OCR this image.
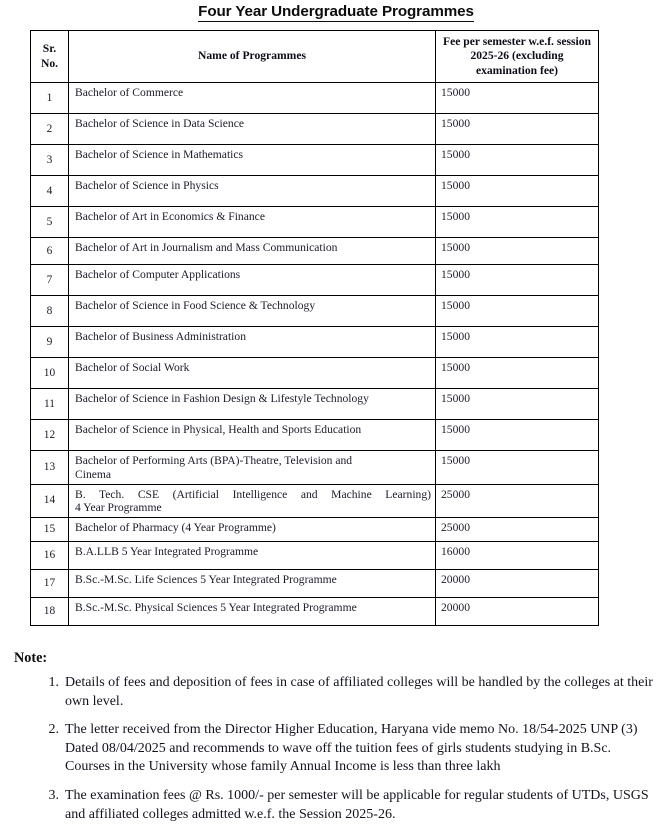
Four Year Undergraduate Programmes
Sr.
No.	Name of Programmes	Fee per semester w.e.f. session 2025-26 (excluding examination fee)
1	Bachelor of Commerce	15000
2	Bachelor of Science in Data Science	15000
3	Bachelor of Science in Mathematics	15000
4	Bachelor of Science in Physics	15000
5	Bachelor of Art in Economics & Finance	15000
6	Bachelor of Art in Journalism and Mass Communication	15000
7	Bachelor of Computer Applications	15000
8	Bachelor of Science in Food Science & Technology	15000
9	Bachelor of Business Administration	15000
10	Bachelor of Social Work	15000
11	Bachelor of Science in Fashion Design & Lifestyle Technology	15000
12	Bachelor of Science in Physical, Health and Sports Education	15000
13	Bachelor of Performing Arts (BPA)-Theatre, Television and
Cinema	15000
14	B. Tech. CSE (Artificial Intelligence and Machine Learning)
4 Year Programme	25000
15	Bachelor of Pharmacy (4 Year Programme)	25000
16	B.A.LLB 5 Year Integrated Programme	16000
17	B.Sc.-M.Sc. Life Sciences 5 Year Integrated Programme	20000
18	B.Sc.-M.Sc. Physical Sciences 5 Year Integrated Programme	20000
Note:
1. Details of fees and deposition of fees in case of affiliated colleges will be handled by the colleges at their own level.
2. The letter received from the Director Higher Education, Haryana vide memo No. 18/54-2025 UNP (3) Dated 08/04/2025 and recommends to wave off the tuition fees of girls students studying in B.Sc. Courses in the University whose family Annual Income is less than three lakh
3. The examination fees @ Rs. 1000/- per semester will be applicable for regular students of UTDs, USGS and affiliated colleges admitted w.e.f. the Session 2025-26.
